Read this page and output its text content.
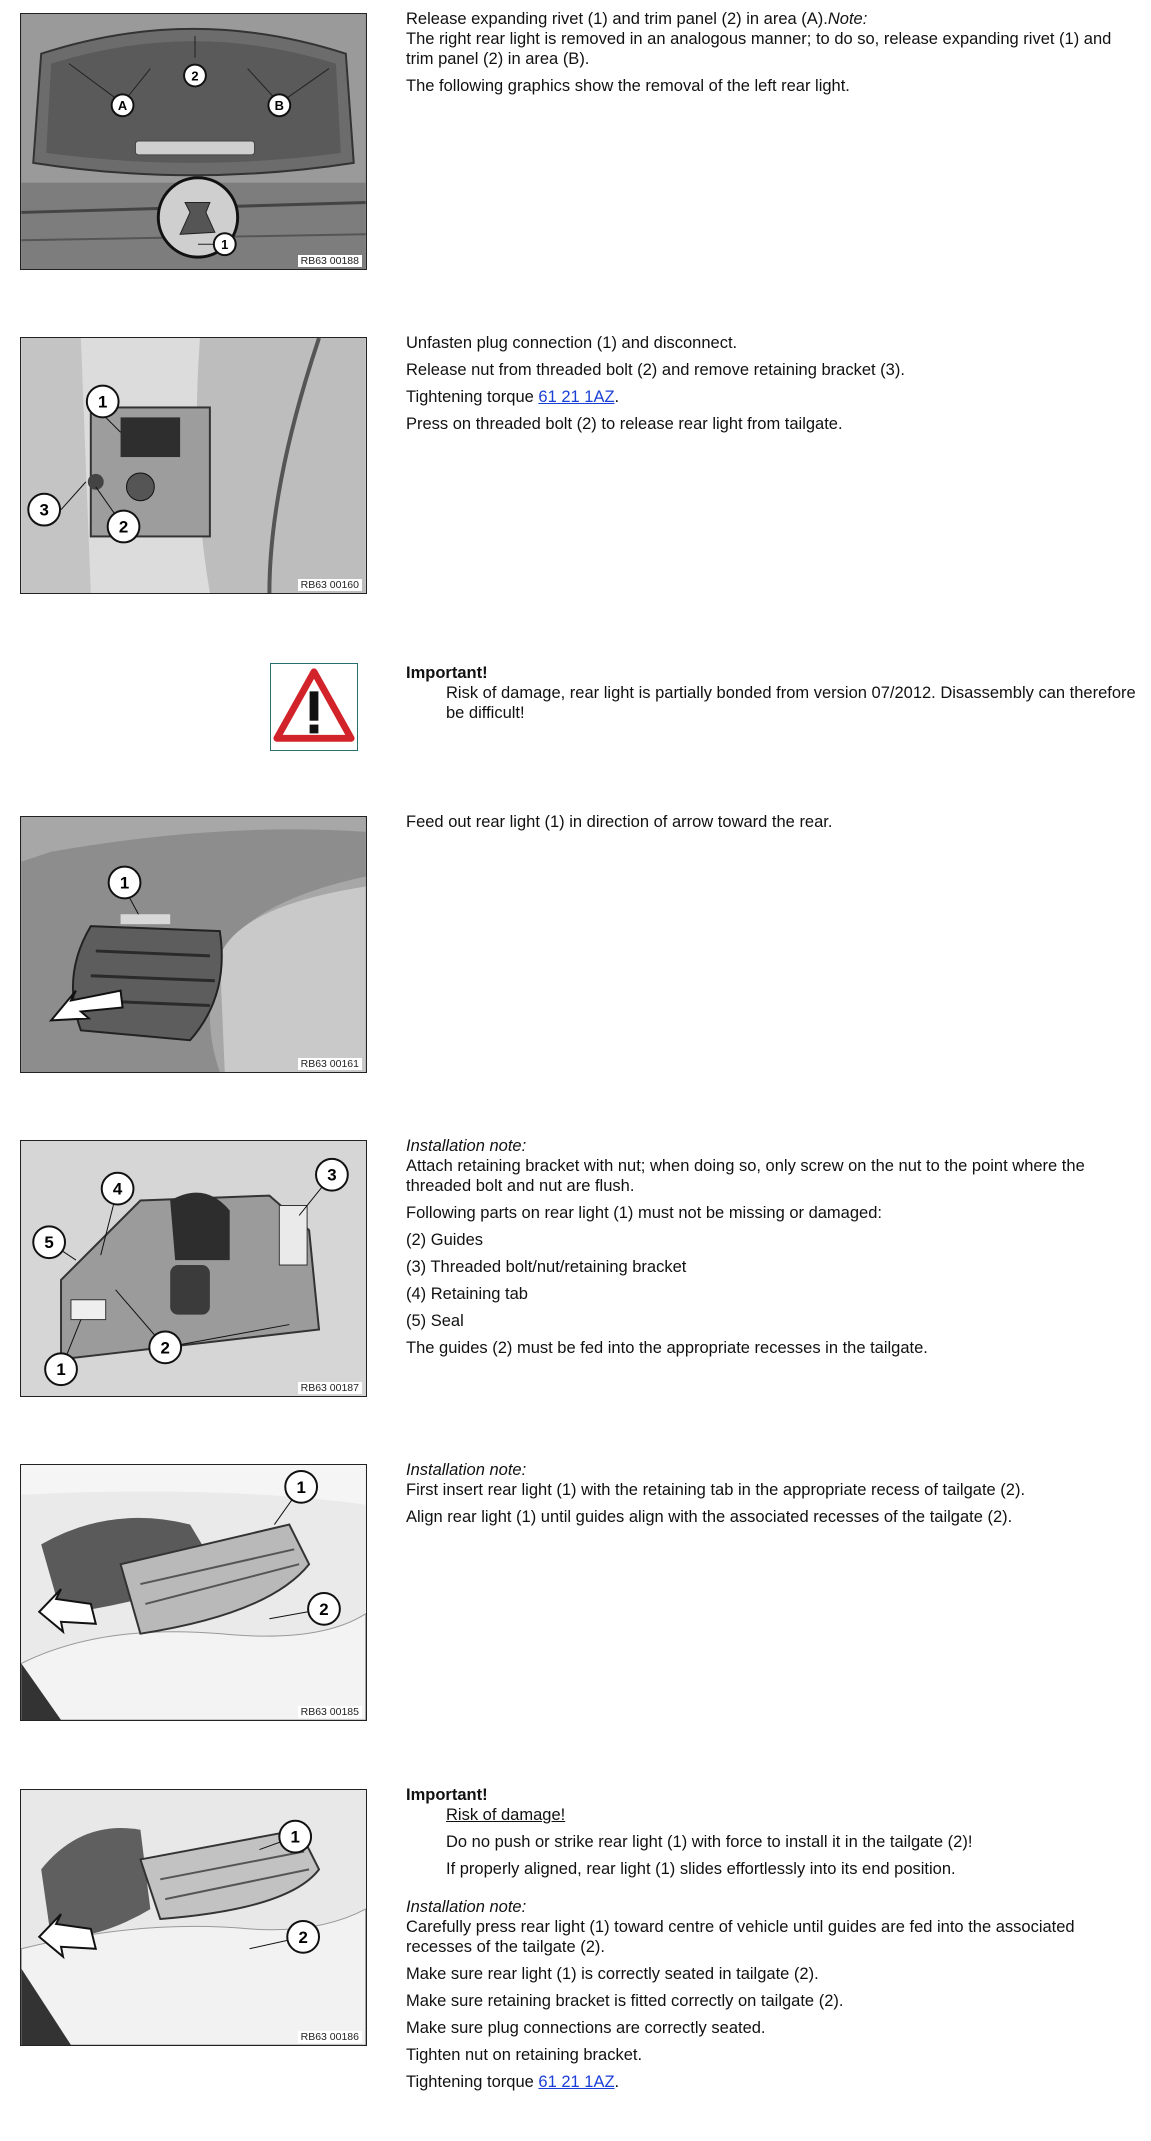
A
2
B
1
RB63 00188

Release expanding rivet (1) and trim panel (2) in area (A).Note:
The right rear light is removed in an analogous manner; to do so, release expanding rivet (1) and trim panel (2) in area (B).

The following graphics show the removal of the left rear light.

1
3
2
RB63 00160

Unfasten plug connection (1) and disconnect.

Release nut from threaded bolt (2) and remove retaining bracket (3).

Tightening torque 61 21 1AZ.

Press on threaded bolt (2) to release rear light from tailgate.

Important!

Risk of damage, rear light is partially bonded from version 07/2012. Disassembly can therefore be difficult!

1
RB63 00161

Feed out rear light (1) in direction of arrow toward the rear.

3
4
5
2
1
RB63 00187

Installation note:
Attach retaining bracket with nut; when doing so, only screw on the nut to the point where the threaded bolt and nut are flush.

Following parts on rear light (1) must not be missing or damaged:

(2) Guides

(3) Threaded bolt/nut/retaining bracket

(4) Retaining tab

(5) Seal

The guides (2) must be fed into the appropriate recesses in the tailgate.

1
2
RB63 00185

Installation note:
First insert rear light (1) with the retaining tab in the appropriate recess of tailgate (2).

Align rear light (1) until guides align with the associated recesses of the tailgate (2).

1
2
RB63 00186

Important!

Risk of damage!

Do no push or strike rear light (1) with force to install it in the tailgate (2)!

If properly aligned, rear light (1) slides effortlessly into its end position.

Installation note:
Carefully press rear light (1) toward centre of vehicle until guides are fed into the associated recesses of the tailgate (2).

Make sure rear light (1) is correctly seated in tailgate (2).

Make sure retaining bracket is fitted correctly on tailgate (2).

Make sure plug connections are correctly seated.

Tighten nut on retaining bracket.

Tightening torque 61 21 1AZ.
